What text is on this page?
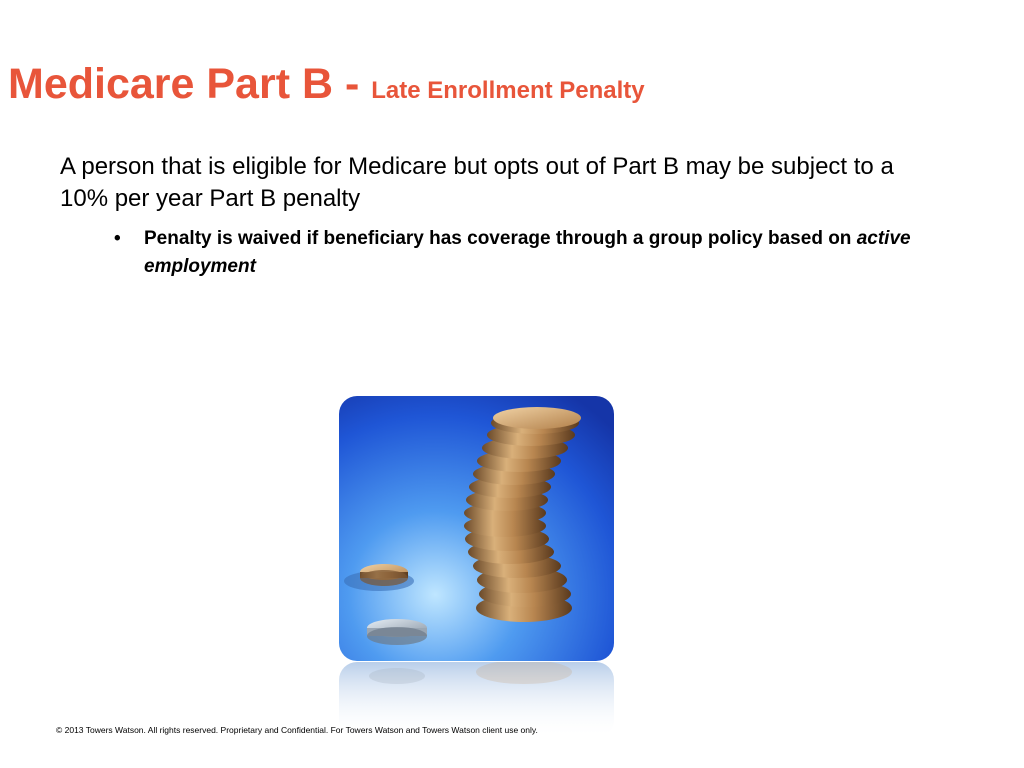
Medicare Part B - Late Enrollment Penalty

A person that is eligible for Medicare but opts out of Part B may be subject to a 10% per year Part B penalty

• Penalty is waived if beneficiary has coverage through a group policy based on active employment
© 2013 Towers Watson. All rights reserved. Proprietary and Confidential. For Towers Watson and Towers Watson client use only.
